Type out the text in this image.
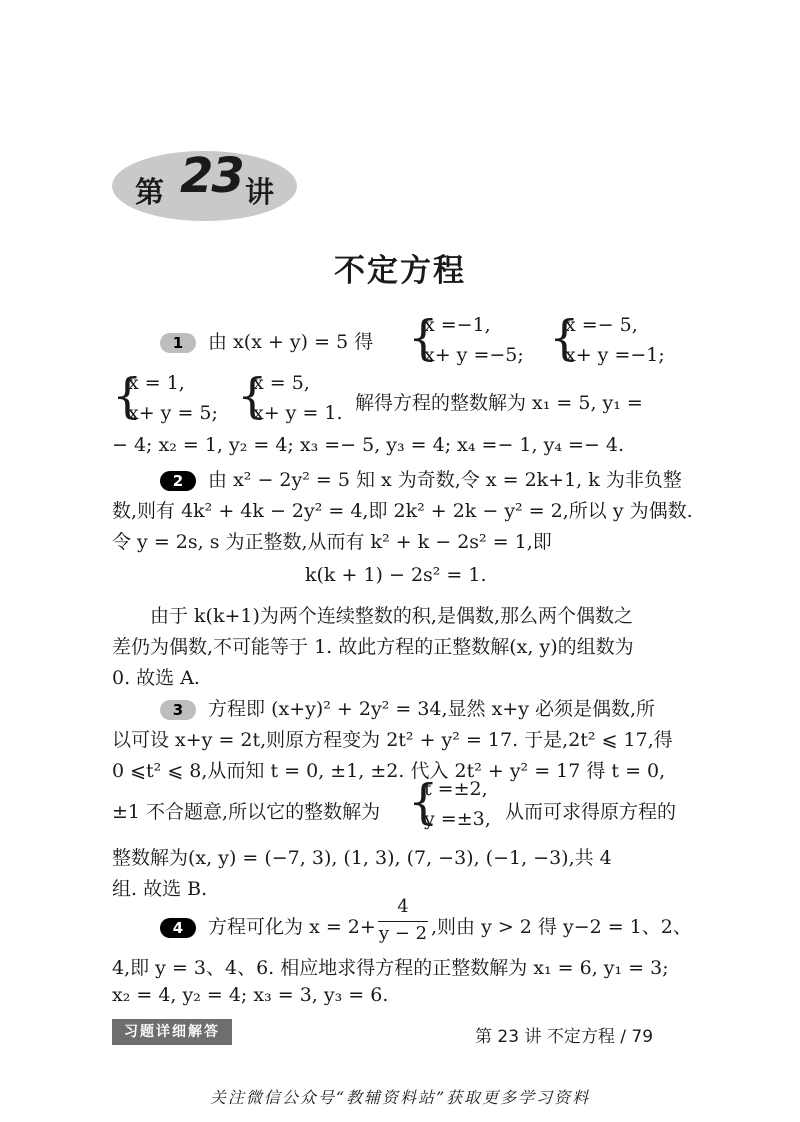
第 23 讲
不定方程
1 由 x(x + y) = 5 得 {
x =−1,
x+ y =−5; {
x =− 5,
x+ y =−1;
{
x = 1,
x+ y = 5; {
x = 5,
x+ y = 1. 解得方程的整数解为 x₁ = 5, y₁ =
− 4; x₂ = 1, y₂ = 4; x₃ =− 5, y₃ = 4; x₄ =− 1, y₄ =− 4.
2 由 x² − 2y² = 5 知 x 为奇数,令 x = 2k+1, k 为非负整
数,则有 4k² + 4k − 2y² = 4,即 2k² + 2k − y² = 2,所以 y 为偶数.
令 y = 2s, s 为正整数,从而有 k² + k − 2s² = 1,即
k(k + 1) − 2s² = 1.
由于 k(k+1)为两个连续整数的积,是偶数,那么两个偶数之
差仍为偶数,不可能等于 1. 故此方程的正整数解(x, y)的组数为
0. 故选 A.
3 方程即 (x+y)² + 2y² = 34,显然 x+y 必须是偶数,所
以可设 x+y = 2t,则原方程变为 2t² + y² = 17. 于是,2t² ⩽ 17,得
0 ⩽t² ⩽ 8,从而知 t = 0, ±1, ±2. 代入 2t² + y² = 17 得 t = 0,
±1 不合题意,所以它的整数解为 {
t =±2,
y =±3, 从而可求得原方程的
整数解为(x, y) = (−7, 3), (1, 3), (7, −3), (−1, −3),共 4
组. 故选 B.
4 方程可化为 x = 2+
4
y − 2 ,则由 y > 2 得 y−2 = 1、2、
4,即 y = 3、4、6. 相应地求得方程的正整数解为 x₁ = 6, y₁ = 3;
x₂ = 4, y₂ = 4; x₃ = 3, y₃ = 6.
习题详细解答	第 23 讲 不定方程 / 79
关注微信公众号“教辅资料站”获取更多学习资料
